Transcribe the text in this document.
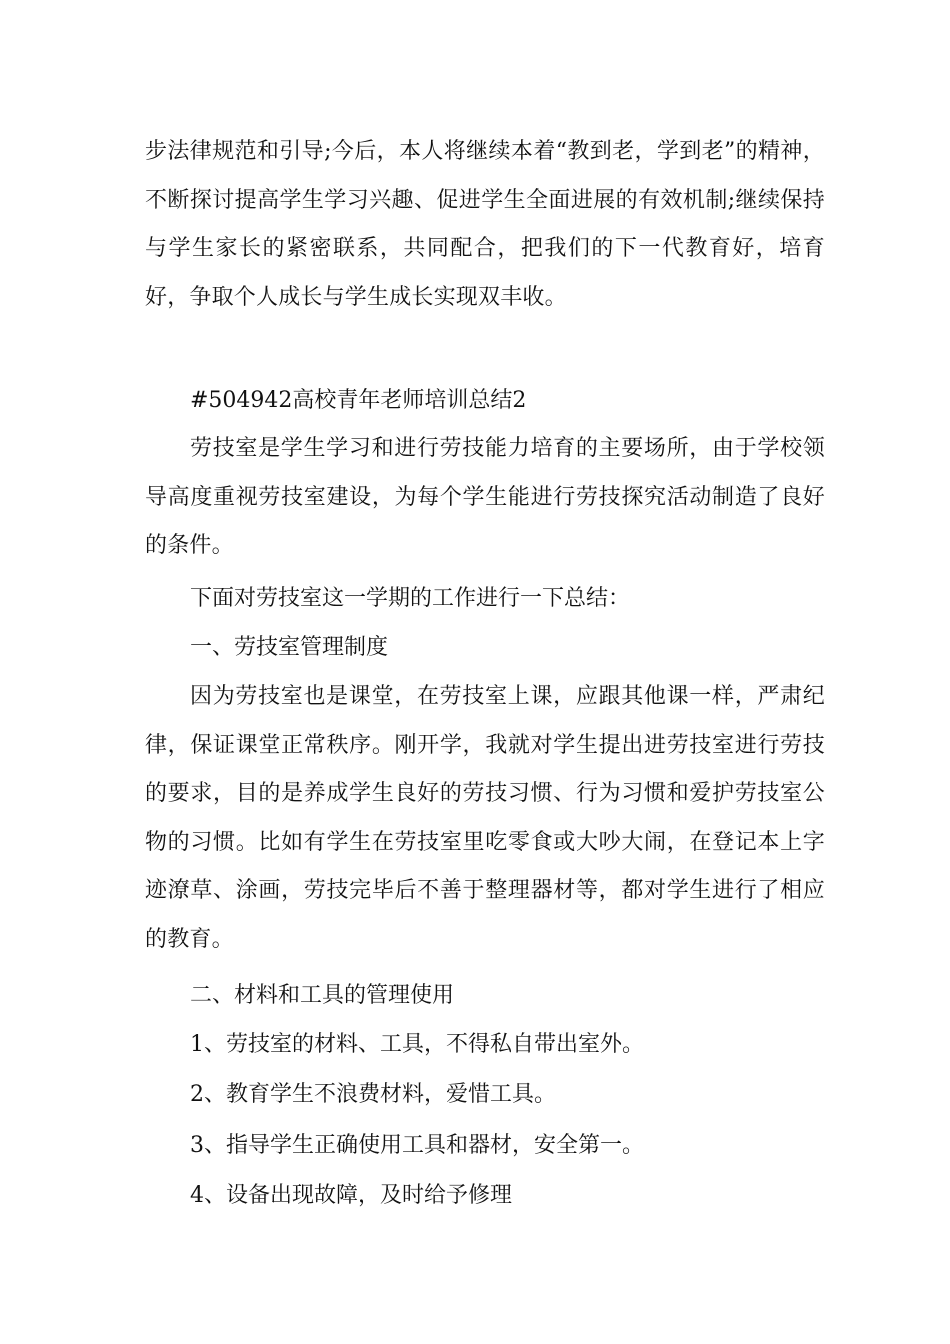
步法律规范和引导;今后，本人将继续本着“教到老，学到老”的精神，不断探讨提高学生学习兴趣、促进学生全面进展的有效机制;继续保持与学生家长的紧密联系，共同配合，把我们的下一代教育好，培育好，争取个人成长与学生成长实现双丰收。

#504942高校青年老师培训总结2

劳技室是学生学习和进行劳技能力培育的主要场所，由于学校领导高度重视劳技室建设，为每个学生能进行劳技探究活动制造了良好的条件。

下面对劳技室这一学期的工作进行一下总结：

一、劳技室管理制度

因为劳技室也是课堂，在劳技室上课，应跟其他课一样，严肃纪律，保证课堂正常秩序。刚开学，我就对学生提出进劳技室进行劳技的要求，目的是养成学生良好的劳技习惯、行为习惯和爱护劳技室公物的习惯。比如有学生在劳技室里吃零食或大吵大闹，在登记本上字迹潦草、涂画，劳技完毕后不善于整理器材等，都对学生进行了相应的教育。

二、材料和工具的管理使用

1、劳技室的材料、工具，不得私自带出室外。

2、教育学生不浪费材料，爱惜工具。

3、指导学生正确使用工具和器材，安全第一。

4、设备出现故障，及时给予修理
